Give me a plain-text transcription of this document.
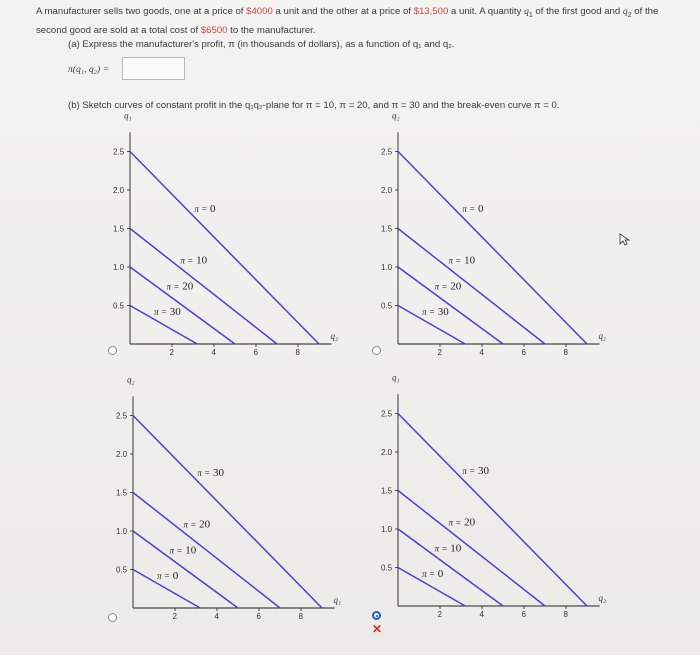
A manufacturer sells two goods, one at a price of $4000 a unit and the other at a price of $13,500 a unit. A quantity $q_1$ of the first good and $q_2$ of the
second good are sold at a total cost of $6500 to the manufacturer.
(a) Express the manufacturer's profit, π (in thousands of dollars), as a function of q₁ and q₂.
π(q₁, q₂) =
(b) Sketch curves of constant profit in the q₁q₂-plane for π = 10, π = 20, and π = 30 and the break-even curve π = 0.
q₁
q₂
0.5
1.0
1.5
2.0
2.5
2	4	6	8
π = 30
π = 20
π = 10
π = 0
q₂
q₁
0.5
1.0
1.5
2.0
2.5
2	4	6	8
π = 30
π = 20
π = 10
π = 0
q₂
q₁
0.5
1.0
1.5
2.0
2.5
2	4	6	8
π = 0
π = 10
π = 20
π = 30
q₁
q₂
0.5
1.0
1.5
2.0
2.5
2	4	6	8
π = 0
π = 10
π = 20
π = 30
✕
